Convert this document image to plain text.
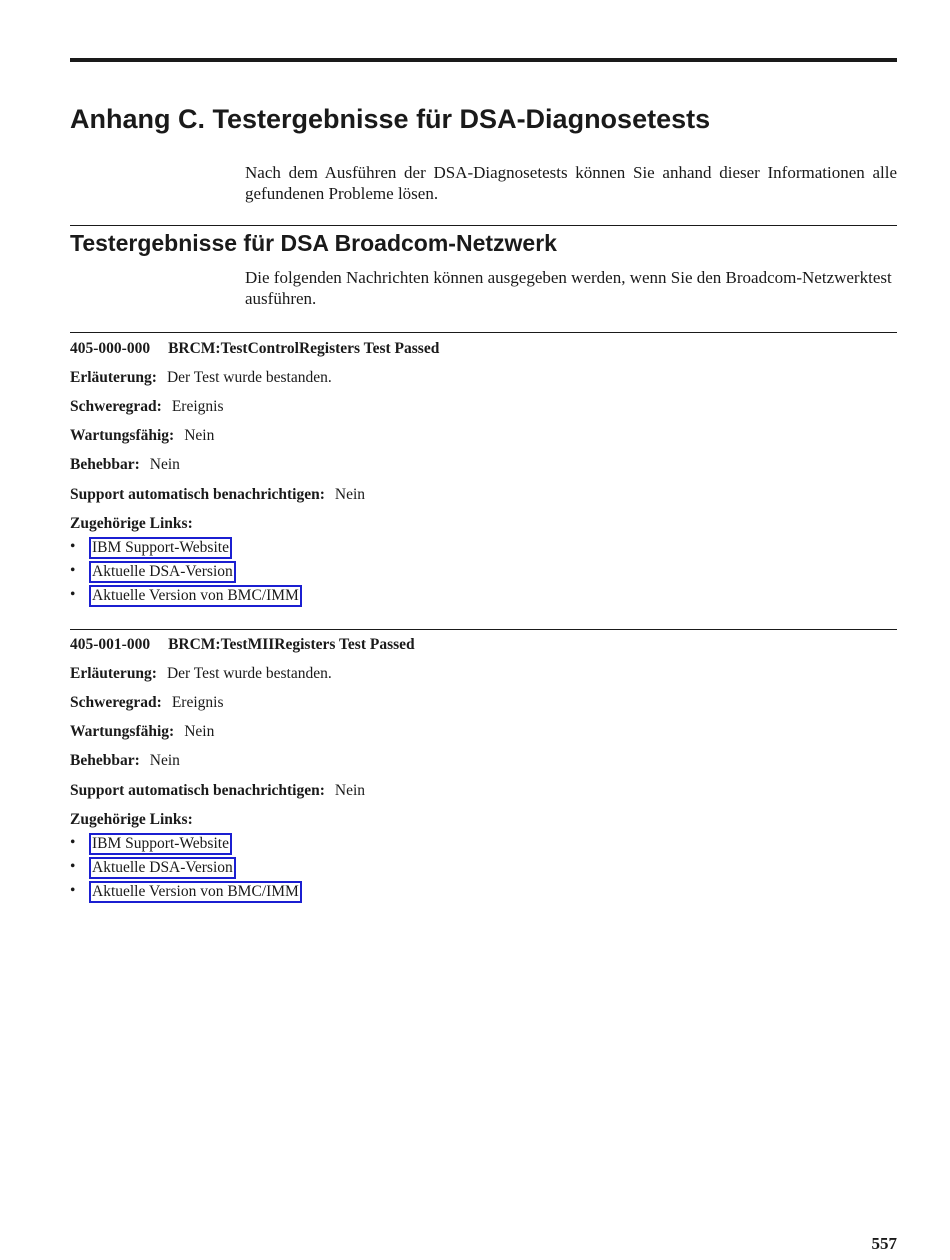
Anhang C. Testergebnisse für DSA-Diagnosetests

Nach dem Ausführen der DSA-Diagnosetests können Sie anhand dieser Informationen alle gefundenen Probleme lösen.

Testergebnisse für DSA Broadcom-Netzwerk

Die folgenden Nachrichten können ausgegeben werden, wenn Sie den Broadcom-Netzwerktest ausführen.

405-000-000 BRCM:TestControlRegisters Test Passed
Erläuterung: Der Test wurde bestanden.
Schweregrad: Ereignis
Wartungsfähig: Nein
Behebbar: Nein
Support automatisch benachrichtigen: Nein
Zugehörige Links:
• IBM Support-Website
• Aktuelle DSA-Version
• Aktuelle Version von BMC/IMM
405-001-000 BRCM:TestMIIRegisters Test Passed
Erläuterung: Der Test wurde bestanden.
Schweregrad: Ereignis
Wartungsfähig: Nein
Behebbar: Nein
Support automatisch benachrichtigen: Nein
Zugehörige Links:
• IBM Support-Website
• Aktuelle DSA-Version
• Aktuelle Version von BMC/IMM
557
